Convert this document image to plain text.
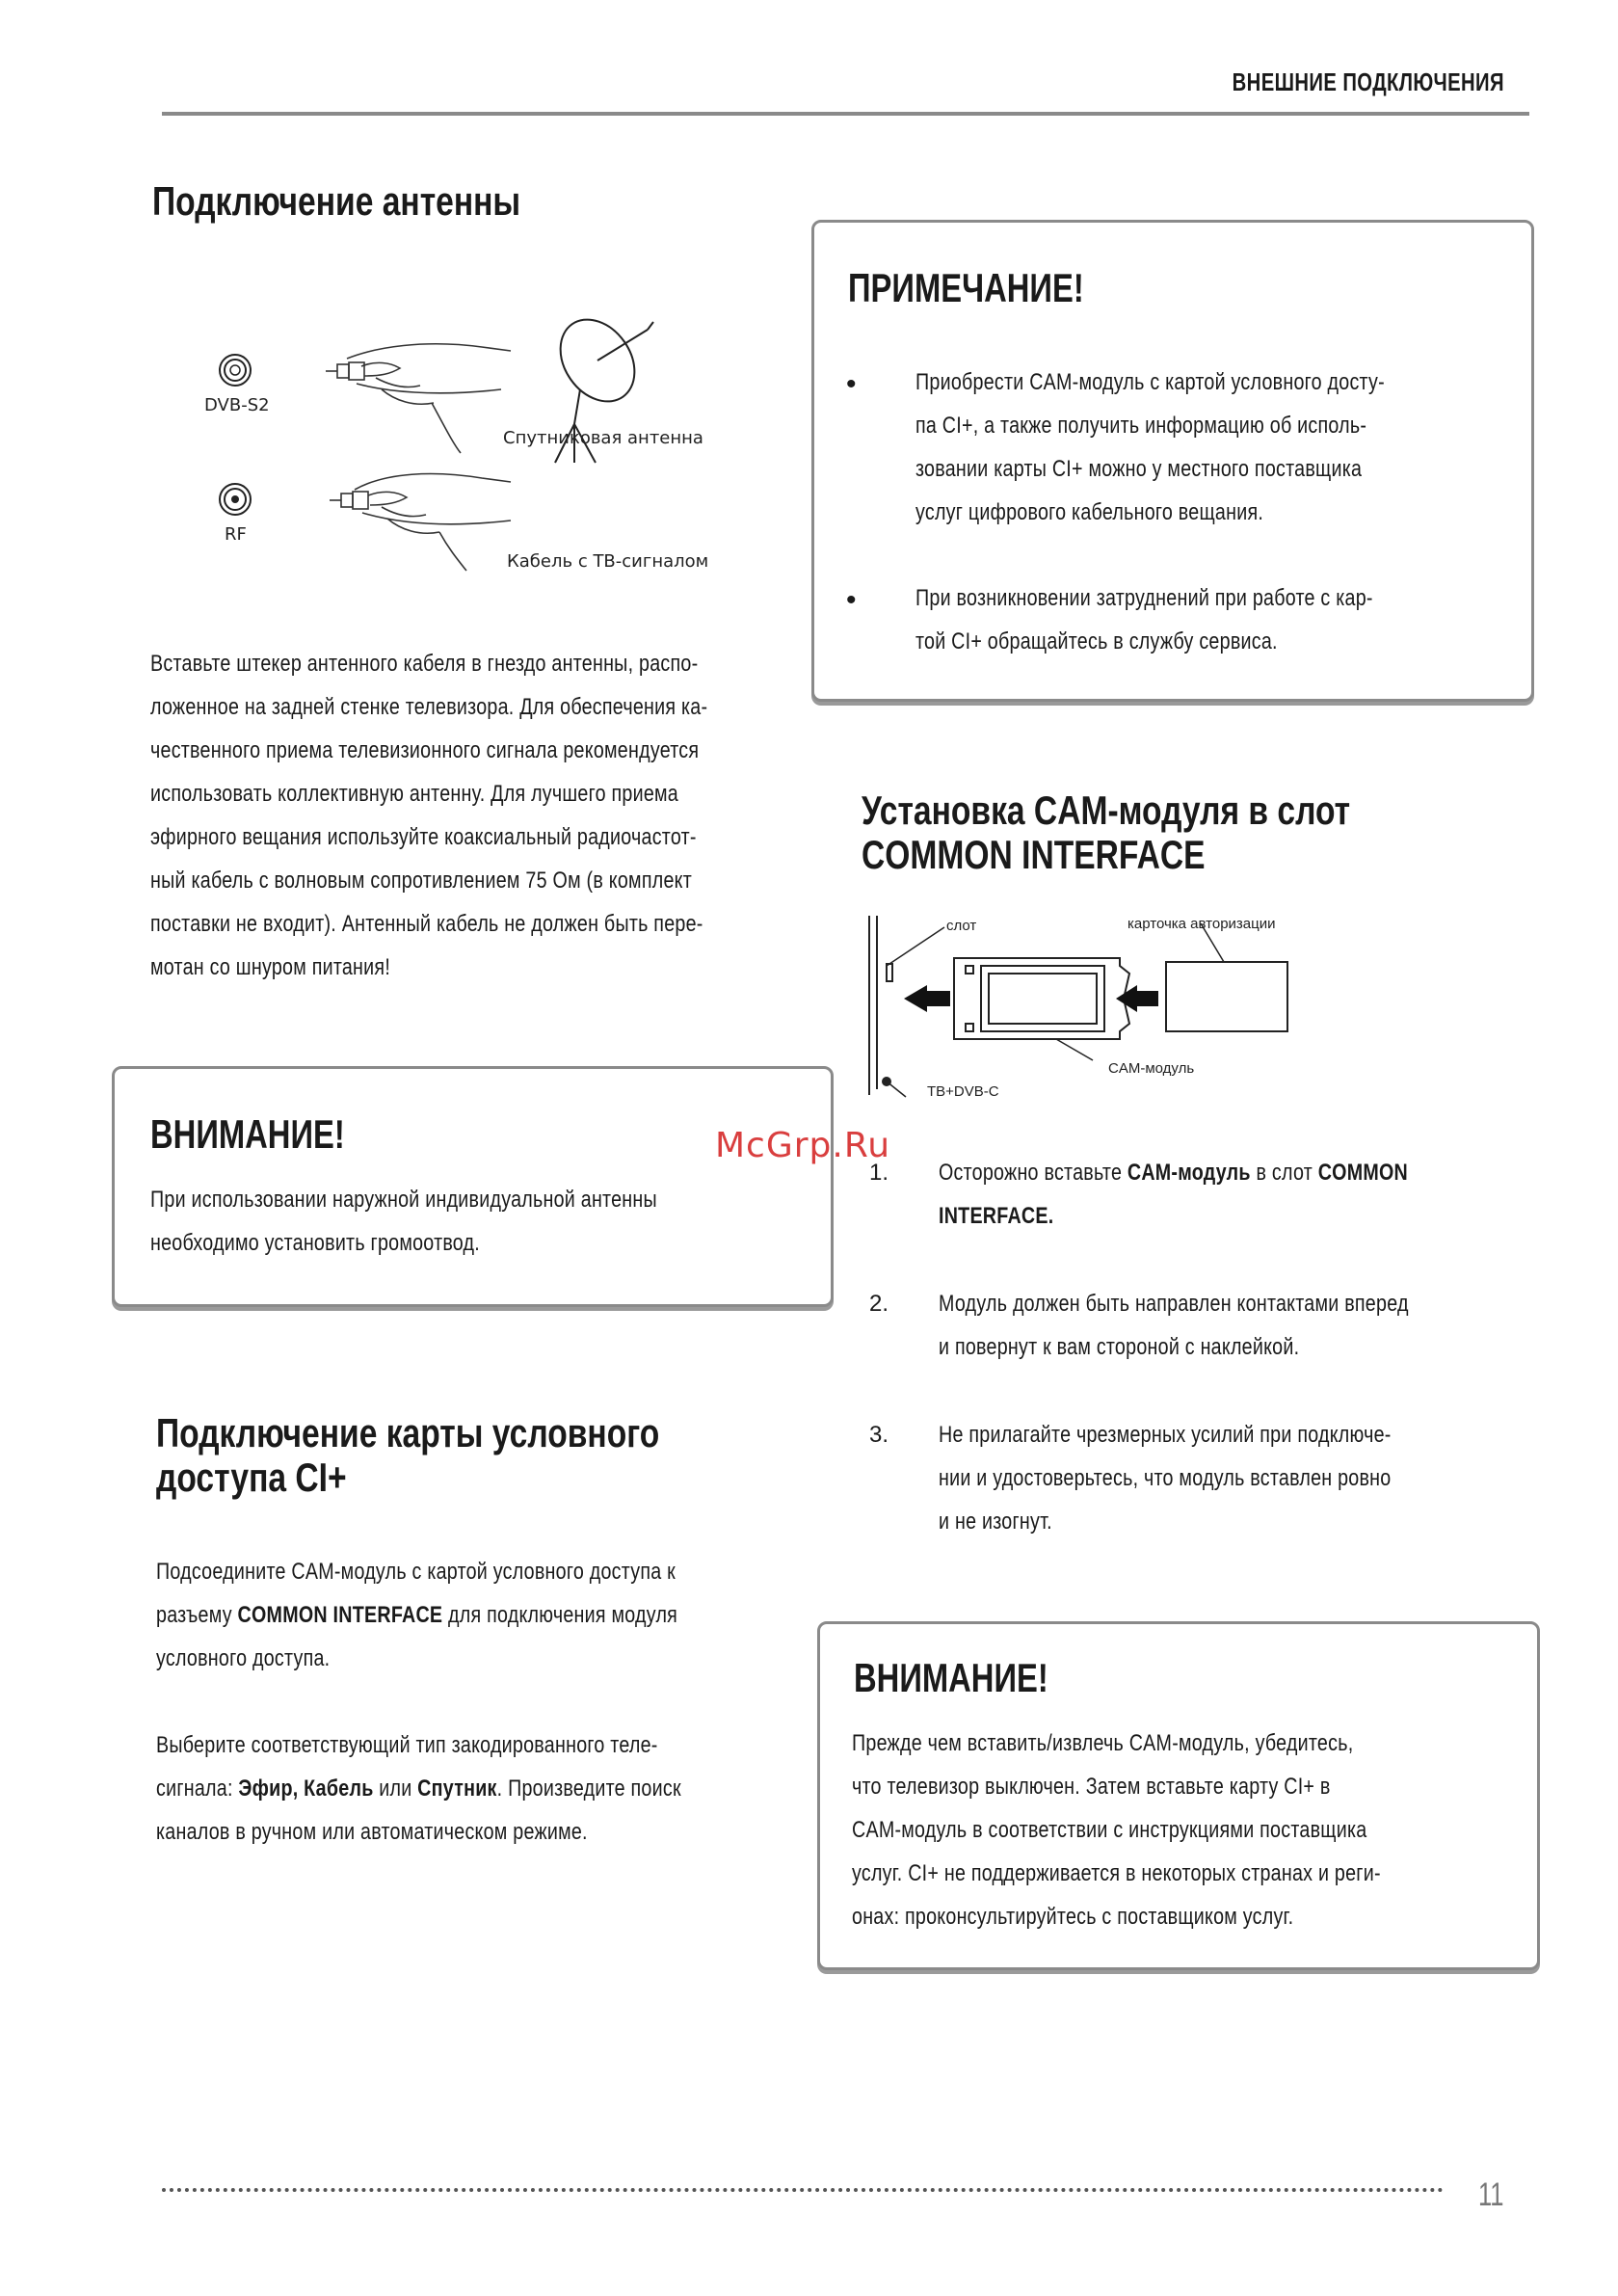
ВНЕШНИЕ ПОДКЛЮЧЕНИЯ
Подключение антенны
DVB-S2
Спутниковая антенна
RF
Кабель с ТВ-сигналом
Вставьте штекер антенного кабеля в гнездо антенны, распо-
ложенное на задней стенке телевизора. Для обеспечения ка-
чественного приема телевизионного сигнала рекомендуется
использовать коллективную антенну. Для лучшего приема
эфирного вещания используйте коаксиальный радиочастот-
ный кабель с волновым сопротивлением 75 Ом (в комплект
поставки не входит). Антенный кабель не должен быть пере-
мотан со шнуром питания!
ВНИМАНИЕ!
При использовании наружной индивидуальной антенны
необходимо установить громоотвод.
Подключение карты условного
доступа CI+
Подсоедините CAM-модуль с картой условного доступа к
разъему COMMON INTERFACE для подключения модуля
условного доступа.
Выберите соответствующий тип закодированного теле-
сигнала: Эфир, Кабель или Спутник. Произведите поиск
каналов в ручном или автоматическом режиме.
ПРИМЕЧАНИЕ!
•	Приобрести CAM-модуль с картой условного досту-
па CI+, а также получить информацию об исполь-
зовании карты CI+ можно у местного поставщика
услуг цифрового кабельного вещания.
•	При возникновении затруднений при работе с кар-
той CI+ обращайтесь в службу сервиса.
Установка CAM-модуля в слот
COMMON INTERFACE
слот	карточка авторизации
CAM-модуль
ТВ+DVB-C
McGrp.Ru
1. Осторожно вставьте CAM-модуль в слот COMMON
INTERFACE.
2. Модуль должен быть направлен контактами вперед
и повернут к вам стороной с наклейкой.
3. Не прилагайте чрезмерных усилий при подключе-
нии и удостоверьтесь, что модуль вставлен ровно
и не изогнут.
ВНИМАНИЕ!
Прежде чем вставить/извлечь CAM-модуль, убедитесь,
что телевизор выключен. Затем вставьте карту CI+ в
CAM-модуль в соответствии с инструкциями поставщика
услуг. CI+ не поддерживается в некоторых странах и реги-
онах: проконсультируйтесь с поставщиком услуг.
11
